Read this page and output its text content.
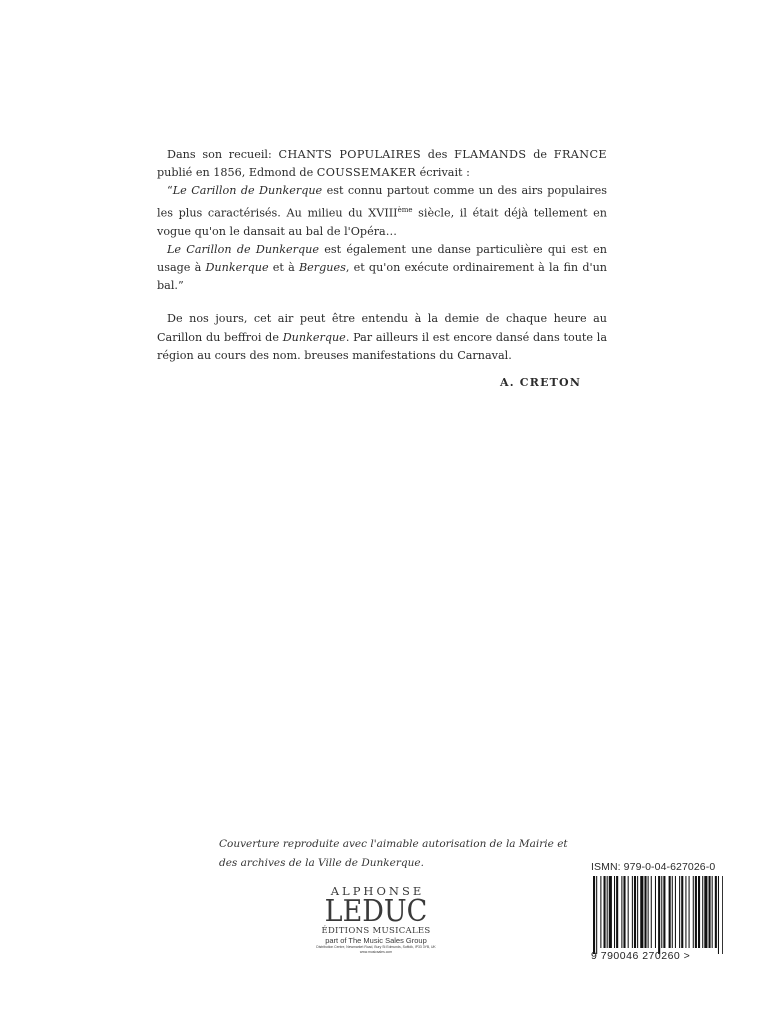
Dans son recueil: CHANTS POPULAIRES des FLAMANDS de FRANCE publié en 1856, Edmond de COUSSEMAKER écrivait :

“Le Carillon de Dunkerque est connu partout comme un des airs populaires les plus caractérisés. Au milieu du XVIIIème siècle, il était déjà tellement en vogue qu'on le dansait au bal de l'Opéra…

Le Carillon de Dunkerque est également une danse particulière qui est en usage à Dunkerque et à Bergues, et qu'on exécute ordinairement à la fin d'un bal.”

De nos jours, cet air peut être entendu à la demie de chaque heure au Carillon du beffroi de Dunkerque. Par ailleurs il est encore dansé dans toute la région au cours des nom. breuses manifestations du Carnaval.

A. CRETON
Couverture reproduite avec l'aimable autorisation de la Mairie et des archives de la Ville de Dunkerque.
ALPHONSE
LEDUC
ÉDITIONS MUSICALES
part of The Music Sales Group
Distribution Centre, Newmarket Road, Bury St Edmunds, Suffolk, IP33 3YB, UK
www.musicsales.com
ISMN: 979-0-04-627026-0
9 790046 270260 >
